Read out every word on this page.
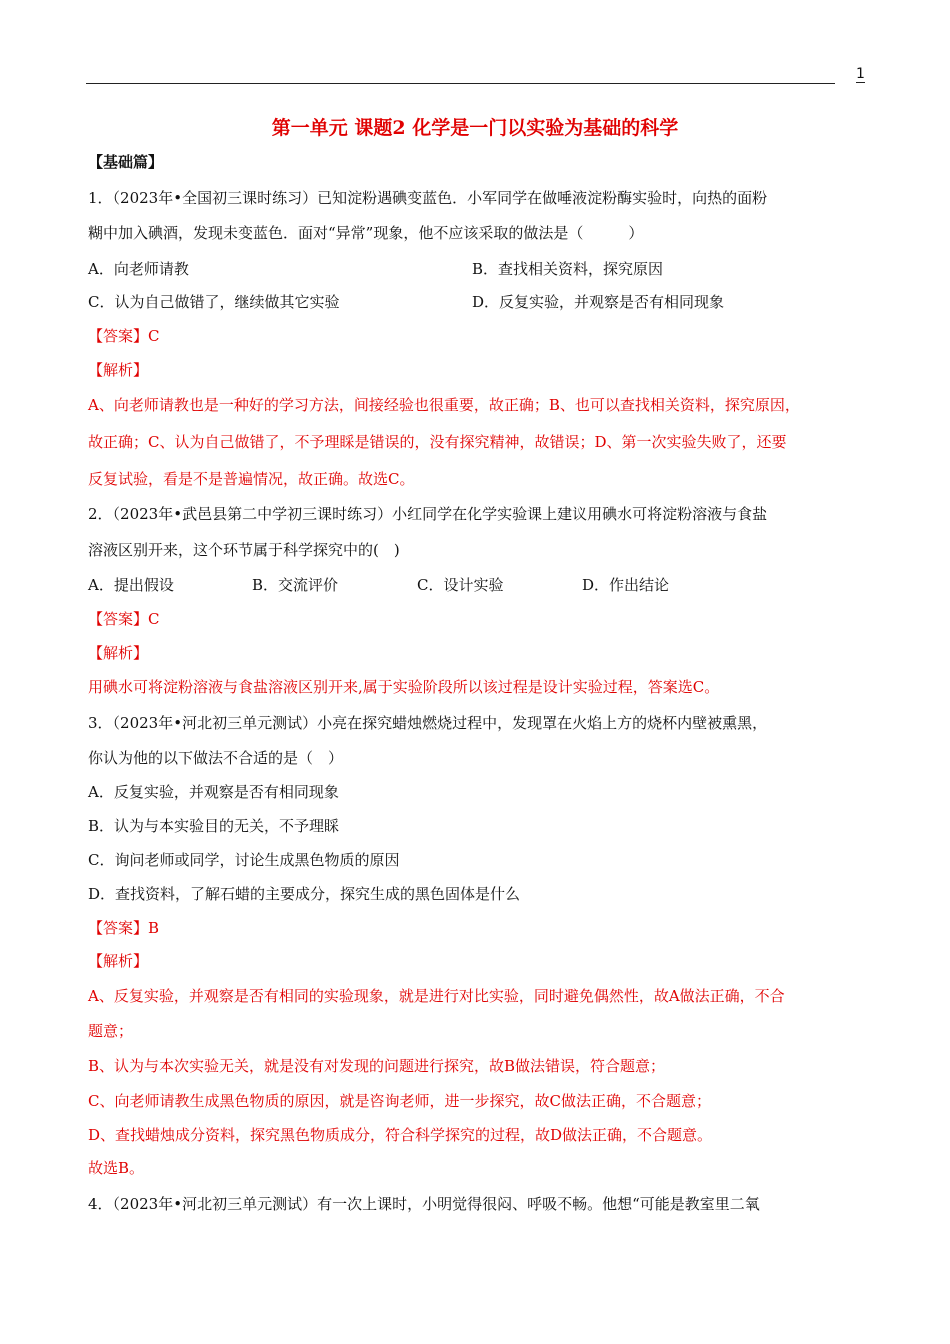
1
第一单元 课题2 化学是一门以实验为基础的科学
【基础篇】
1．（2023年•全国初三课时练习）已知淀粉遇碘变蓝色．小军同学在做唾液淀粉酶实验时，向热的面粉
糊中加入碘酒，发现未变蓝色．面对“异常”现象，他不应该采取的做法是（　　　）
A．向老师请教	B．查找相关资料，探究原因
C．认为自己做错了，继续做其它实验	D．反复实验，并观察是否有相同现象
【答案】C
【解析】
A、向老师请教也是一种好的学习方法，间接经验也很重要，故正确；B、也可以查找相关资料，探究原因，
故正确；C、认为自己做错了，不予理睬是错误的，没有探究精神，故错误；D、第一次实验失败了，还要
反复试验，看是不是普遍情况，故正确。故选C。
2．（2023年•武邑县第二中学初三课时练习）小红同学在化学实验课上建议用碘水可将淀粉溶液与食盐
溶液区别开来，这个环节属于科学探究中的(　)
A．提出假设	B．交流评价	C．设计实验	D．作出结论
【答案】C
【解析】
用碘水可将淀粉溶液与食盐溶液区别开来,属于实验阶段所以该过程是设计实验过程，答案选C。
3．（2023年•河北初三单元测试）小亮在探究蜡烛燃烧过程中，发现罩在火焰上方的烧杯内壁被熏黑，
你认为他的以下做法不合适的是（　）
A．反复实验，并观察是否有相同现象
B．认为与本实验目的无关，不予理睬
C．询问老师或同学，讨论生成黑色物质的原因
D．查找资料，了解石蜡的主要成分，探究生成的黑色固体是什么
【答案】B
【解析】
A、反复实验，并观察是否有相同的实验现象，就是进行对比实验，同时避免偶然性，故A做法正确，不合
题意；
B、认为与本次实验无关，就是没有对发现的问题进行探究，故B做法错误，符合题意；
C、向老师请教生成黑色物质的原因，就是咨询老师，进一步探究，故C做法正确，不合题意；
D、查找蜡烛成分资料，探究黑色物质成分，符合科学探究的过程，故D做法正确，不合题意。
故选B。
4．（2023年•河北初三单元测试）有一次上课时，小明觉得很闷、呼吸不畅。他想“可能是教室里二氧
